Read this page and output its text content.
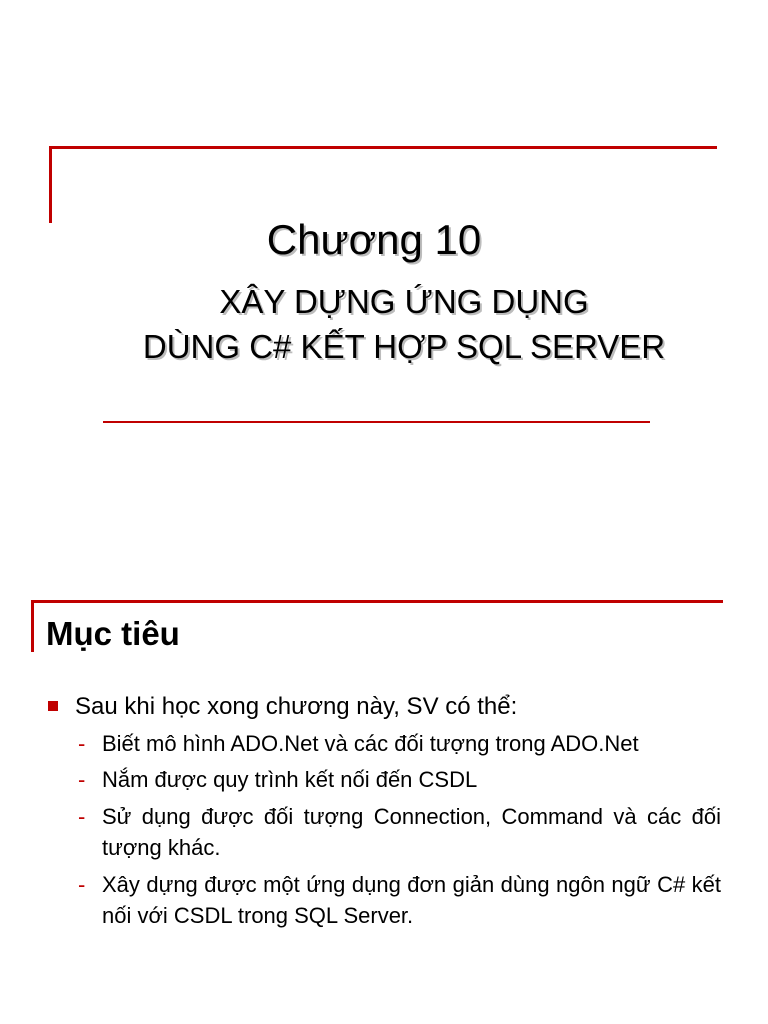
Chương 10
XÂY DỰNG ỨNG DỤNG
DÙNG C# KẾT HỢP SQL SERVER
Mục tiêu
Sau khi học xong chương này, SV có thể:
- Biết mô hình ADO.Net và các đối tượng trong ADO.Net
- Nắm được quy trình kết nối đến CSDL
- Sử dụng được đối tượng Connection, Command và các đối tượng khác.
- Xây dựng được một ứng dụng đơn giản dùng ngôn ngữ C# kết nối với CSDL trong SQL Server.
